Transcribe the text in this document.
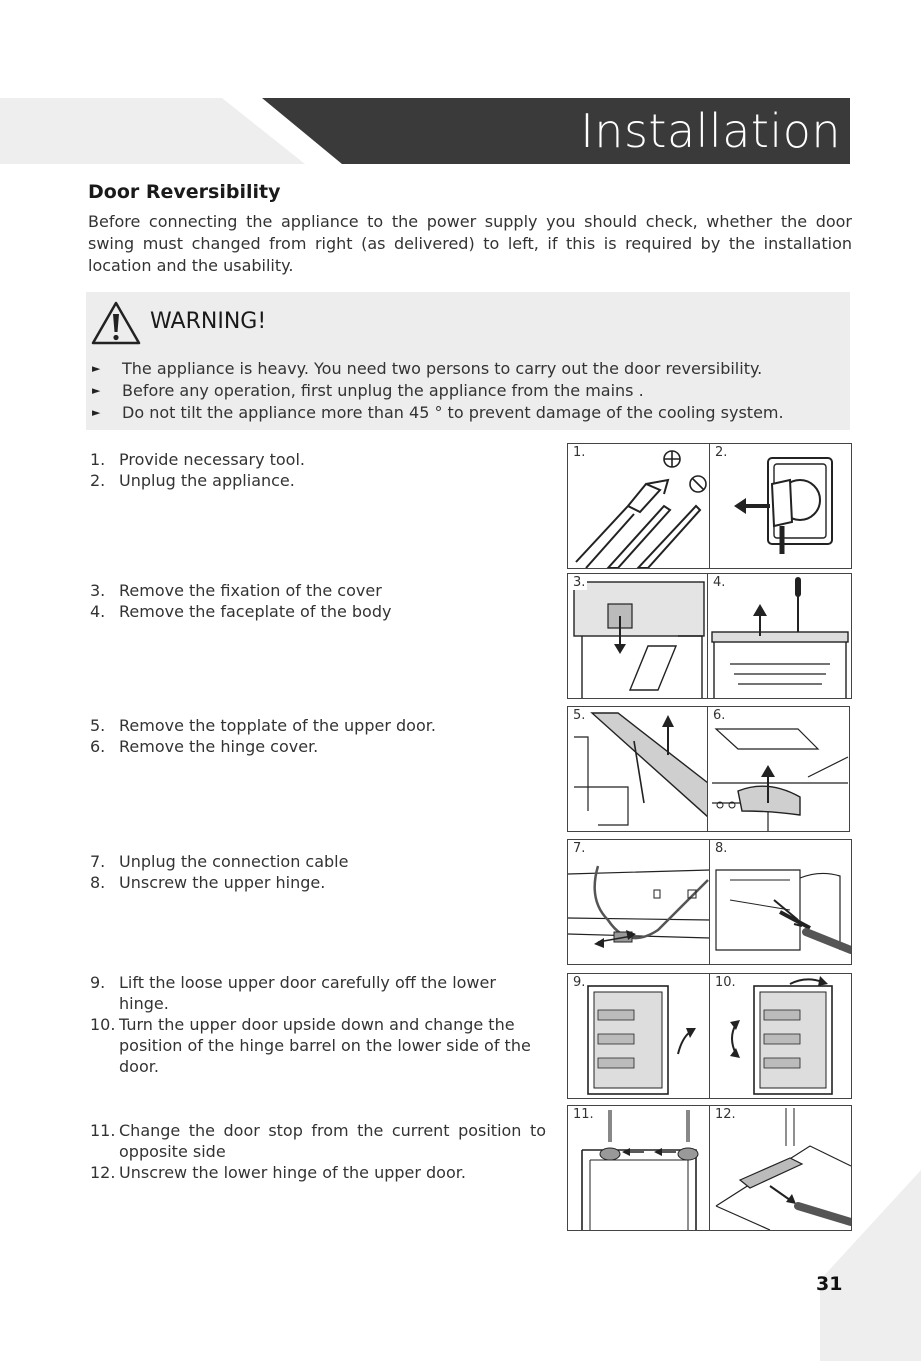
Installation
Door Reversibility
Before connecting the appliance to the power supply you should check, whether the door swing must changed from right (as delivered) to left, if this is required by the installation location and the usability.
WARNING!
► The appliance is heavy. You need two persons to carry out the door reversibility.
► Before any operation, first unplug the appliance from the mains .
► Do not tilt the appliance more than 45 ° to prevent damage of the cooling system.

1. Provide necessary tool.

2. Unplug the appliance.

3. Remove the fixation of the cover

4. Remove the faceplate of the body

5. Remove the topplate of the upper door.

6. Remove the hinge cover.

7. Unplug the connection cable

8. Unscrew the upper hinge.

9. Lift the loose upper door carefully off the lower hinge.

10. Turn the upper door upside down and change the position of the hinge barrel on the lower side of the door.

11. Change the door stop from the current position to opposite side

12. Unscrew the lower hinge of the upper door.

1.	2.
3.	4.
5.	6.
7.	8.
9.	10.
11.	12.
31
